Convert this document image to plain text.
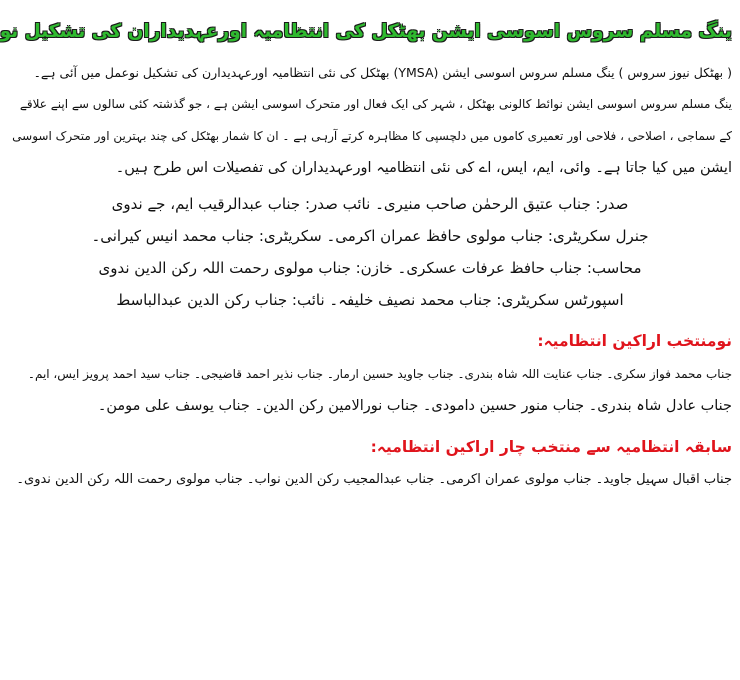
ینگ مسلم سروس اسوسی ایشن بھٹکل کی انتظامیہ اورعہدیداران کی تشکیل نو

( بھٹکل نیوز سروس ) ینگ مسلم سروس اسوسی ایشن (YMSA) بھٹکل کی نئی انتظامیہ اورعہدیدارن کی تشکیل نوعمل میں آئی ہے۔

ینگ مسلم سروس اسوسی ایشن نوائط کالونی بھٹکل ، شہر کی ایک فعال اور متحرک اسوسی ایشن ہے ، جو گذشتہ کئی سالوں سے اپنے علاقے

کے سماجی ، اصلاحی ، فلاحی اور تعمیری کاموں میں دلچسپی کا مظاہرہ کرتے آرہی ہے ۔ ان کا شمار بھٹکل کی چند بہترین اور متحرک اسوسی

ایشن میں کیا جاتا ہے۔ وائی، ایم، ایس، اے کی نئی انتظامیہ اورعہدیداران کی تفصیلات اس طرح ہیں۔

صدر: جناب عتیق الرحمٰن صاحب منیری۔ نائب صدر: جناب عبدالرقیب ایم، جے ندوی

جنرل سکریٹری: جناب مولوی حافظ عمران اکرمی۔ سکریٹری: جناب محمد انیس کیرانی۔

محاسب: جناب حافظ عرفات عسکری۔ خازن: جناب مولوی رحمت اللہ رکن الدین ندوی

اسپورٹس سکریٹری: جناب محمد نصیف خلیفہ۔ نائب: جناب رکن الدین عبدالباسط

نومنتخب اراکین انتظامیہ:

جناب محمد فواز سکری۔ جناب عنایت اللہ شاہ بندری۔ جناب جاوید حسین ارمار۔ جناب نذیر احمد قاضیجی۔ جناب سید احمد پرویز ایس، ایم۔

جناب عادل شاہ بندری۔ جناب منور حسین دامودی۔ جناب نورالامین رکن الدین۔ جناب یوسف علی مومن۔

سابقہ انتظامیہ سے منتخب چار اراکین انتظامیہ:

جناب اقبال سہیل جاوید۔ جناب مولوی عمران اکرمی۔ جناب عبدالمجیب رکن الدین نواب۔ جناب مولوی رحمت اللہ رکن الدین ندوی۔
